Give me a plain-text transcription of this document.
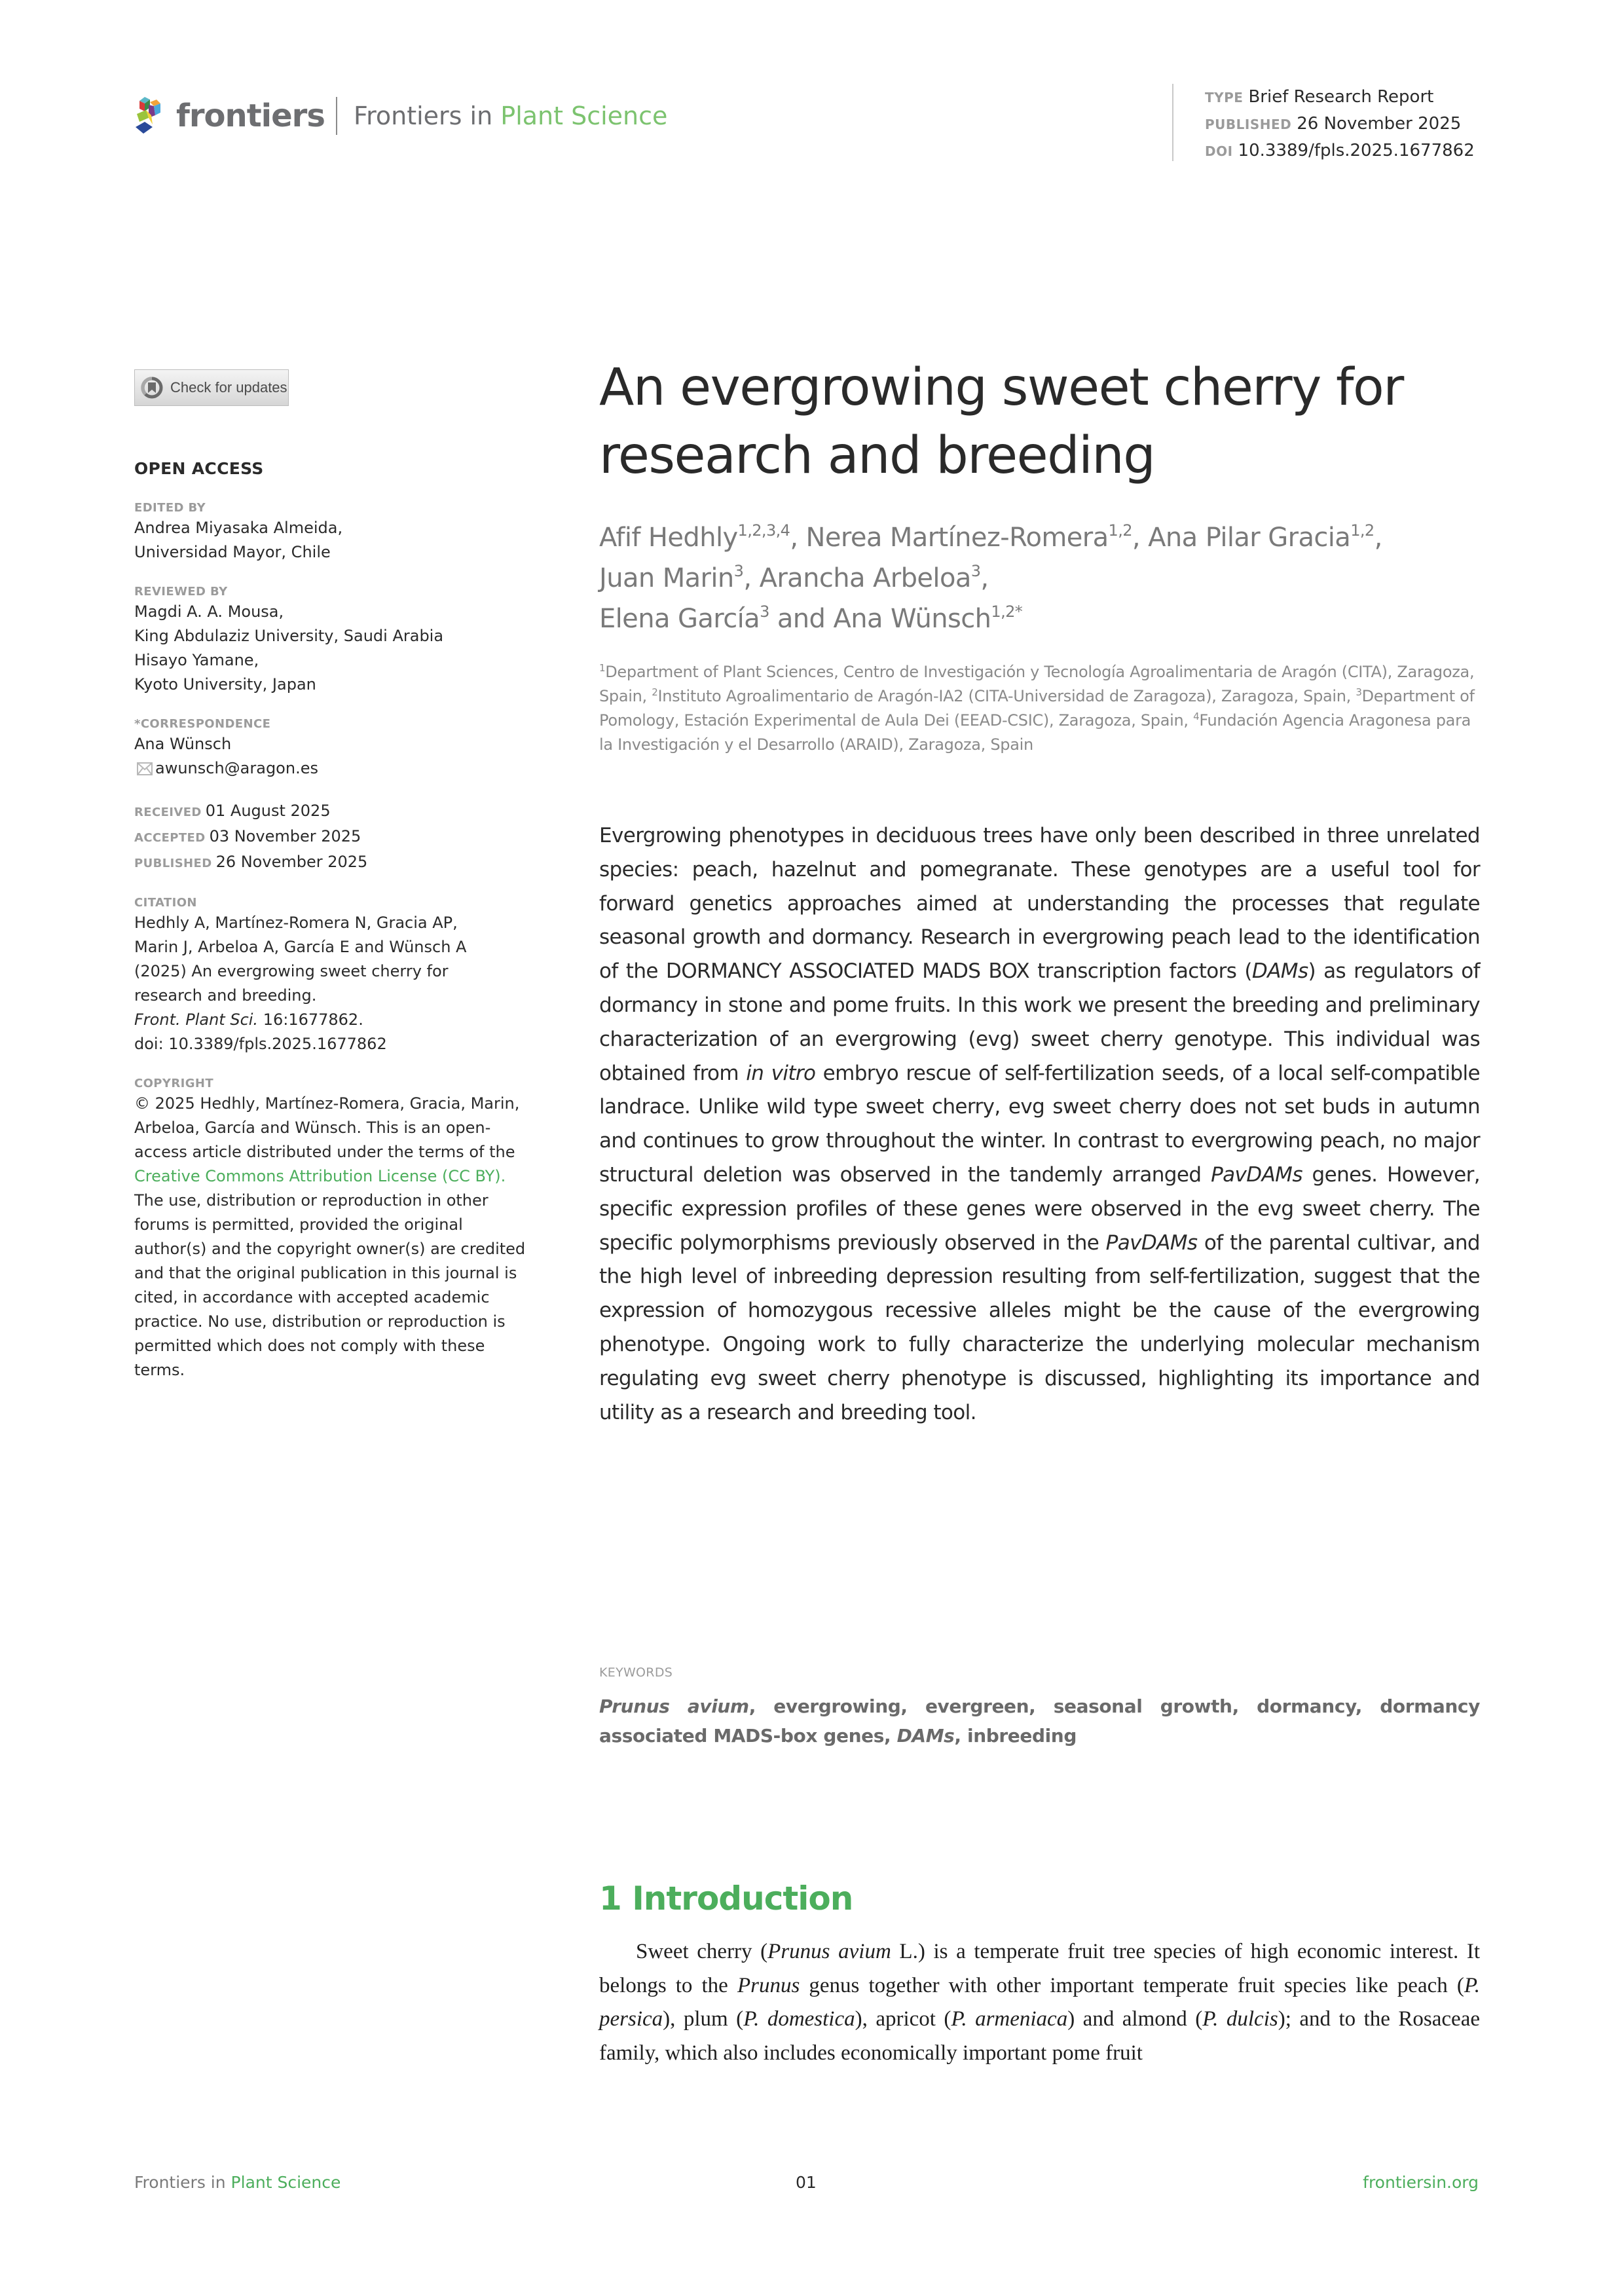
frontiers Frontiers in Plant Science
TYPE Brief Research Report
PUBLISHED 26 November 2025
DOI 10.3389/fpls.2025.1677862
Check for updates
OPEN ACCESS
EDITED BY
Andrea Miyasaka Almeida,
Universidad Mayor, Chile
REVIEWED BY
Magdi A. A. Mousa,
King Abdulaziz University, Saudi Arabia
Hisayo Yamane,
Kyoto University, Japan
*CORRESPONDENCE
Ana Wünsch
awunsch@aragon.es
RECEIVED 01 August 2025
ACCEPTED 03 November 2025
PUBLISHED 26 November 2025
CITATION
Hedhly A, Martínez-Romera N, Gracia AP,
Marin J, Arbeloa A, García E and Wünsch A
(2025) An evergrowing sweet cherry for
research and breeding.
Front. Plant Sci. 16:1677862.
doi: 10.3389/fpls.2025.1677862
COPYRIGHT
© 2025 Hedhly, Martínez-Romera, Gracia, Marin, Arbeloa, García and Wünsch. This is an open-access article distributed under the terms of the Creative Commons Attribution License (CC BY). The use, distribution or reproduction in other forums is permitted, provided the original author(s) and the copyright owner(s) are credited and that the original publication in this journal is cited, in accordance with accepted academic practice. No use, distribution or reproduction is permitted which does not comply with these terms.
An evergrowing sweet cherry for research and breeding
Afif Hedhly$^{1,2,3,4}$, Nerea Martínez-Romera$^{1,2}$, Ana Pilar Gracia$^{1,2}$,
Juan Marin$^3$, Arancha Arbeloa$^3$,
Elena García$^3$ and Ana Wünsch$^{1,2*}$
$^1$Department of Plant Sciences, Centro de Investigación y Tecnología Agroalimentaria de Aragón (CITA), Zaragoza, Spain, $^2$Instituto Agroalimentario de Aragón-IA2 (CITA-Universidad de Zaragoza), Zaragoza, Spain, $^3$Department of Pomology, Estación Experimental de Aula Dei (EEAD-CSIC), Zaragoza, Spain, $^4$Fundación Agencia Aragonesa para la Investigación y el Desarrollo (ARAID), Zaragoza, Spain

Evergrowing phenotypes in deciduous trees have only been described in three unrelated species: peach, hazelnut and pomegranate. These genotypes are a useful tool for forward genetics approaches aimed at understanding the processes that regulate seasonal growth and dormancy. Research in evergrowing peach lead to the identification of the DORMANCY ASSOCIATED MADS BOX transcription factors (DAMs) as regulators of dormancy in stone and pome fruits. In this work we present the breeding and preliminary characterization of an evergrowing (evg) sweet cherry genotype. This individual was obtained from in vitro embryo rescue of self-fertilization seeds, of a local self-compatible landrace. Unlike wild type sweet cherry, evg sweet cherry does not set buds in autumn and continues to grow throughout the winter. In contrast to evergrowing peach, no major structural deletion was observed in the tandemly arranged PavDAMs genes. However, specific expression profiles of these genes were observed in the evg sweet cherry. The specific polymorphisms previously observed in the PavDAMs of the parental cultivar, and the high level of inbreeding depression resulting from self-fertilization, suggest that the expression of homozygous recessive alleles might be the cause of the evergrowing phenotype. Ongoing work to fully characterize the underlying molecular mechanism regulating evg sweet cherry phenotype is discussed, highlighting its importance and utility as a research and breeding tool.

KEYWORDS
Prunus avium, evergrowing, evergreen, seasonal growth, dormancy, dormancy associated MADS-box genes, DAMs, inbreeding
1 Introduction

Sweet cherry (Prunus avium L.) is a temperate fruit tree species of high economic interest. It belongs to the Prunus genus together with other important temperate fruit species like peach (P. persica), plum (P. domestica), apricot (P. armeniaca) and almond (P. dulcis); and to the Rosaceae family, which also includes economically important pome fruit

Frontiers in Plant Science	01	frontiersin.org
